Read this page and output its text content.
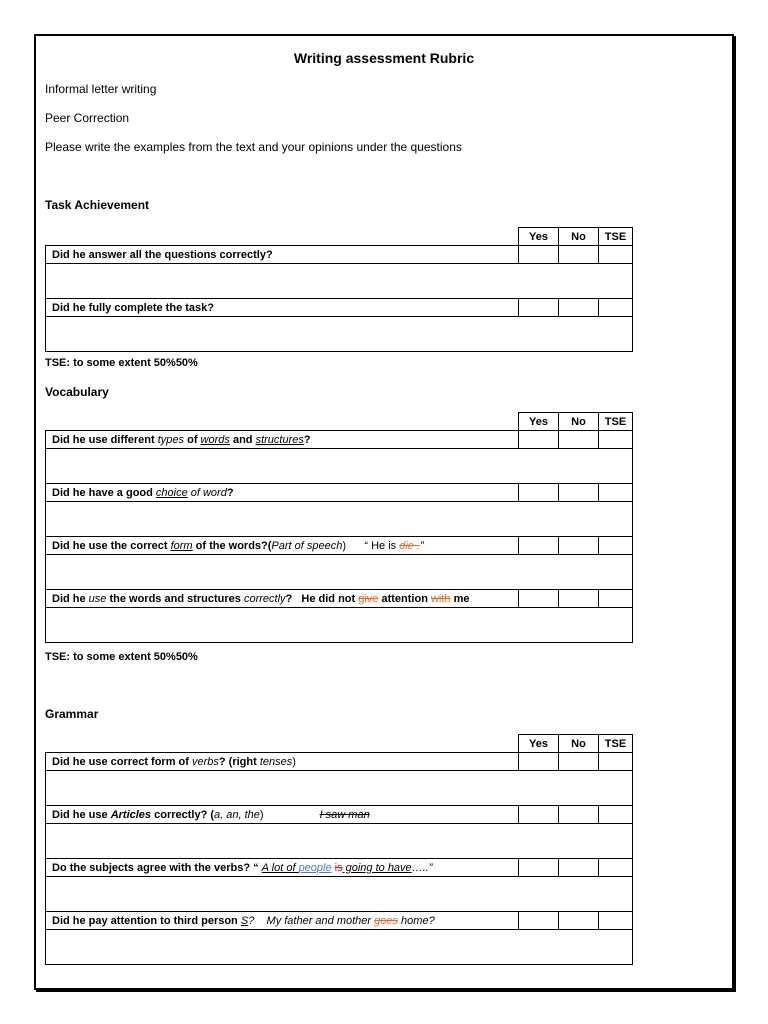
Writing assessment Rubric
Informal letter writing
Peer Correction
Please write the examples from the text and your opinions under the questions
Task Achievement
	Yes	No	TSE
Did he answer all the questions correctly?			

Did he fully complete the task?			

TSE: to some extent 50%50%
Vocabulary
	Yes	No	TSE
Did he use different types of words and structures?			

Did he have a good choice of word?			

Did he use the correct form of the words?(Part of speech)      “ He is die .”			

Did he use the words and structures correctly?   He did not give attention with me			

TSE: to some extent 50%50%
Grammar
	Yes	No	TSE
Did he use correct form of verbs? (right tenses)			

Did he use Articles correctly? (a, an, the) I saw man			

Do the subjects agree with the verbs? “ A lot of people is going to have…..”			

Did he pay attention to third person S?    My father and mother goes home?			
